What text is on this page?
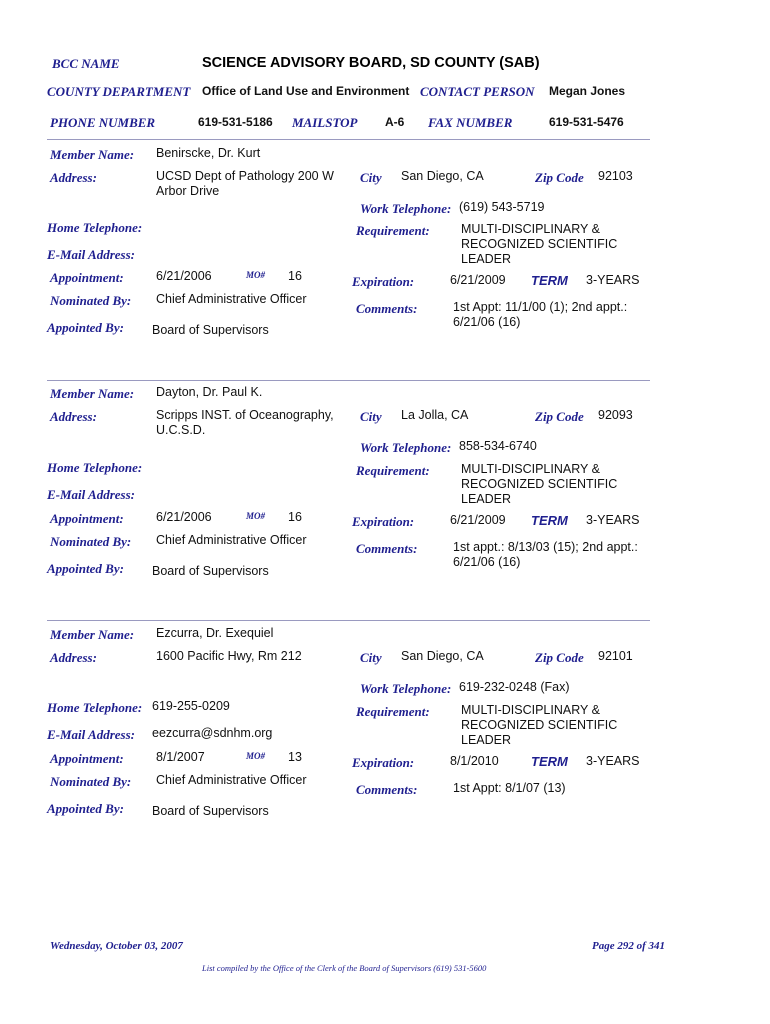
BCC NAME	SCIENCE ADVISORY BOARD, SD COUNTY (SAB)
COUNTY DEPARTMENT Office of Land Use and Environment CONTACT PERSON Megan Jones
PHONE NUMBER	619-531-5186 MAILSTOP A-6 FAX NUMBER	619-531-5476
Member Name: Benirscke, Dr. Kurt
Address:	UCSD Dept of Pathology 200 W Arbor Drive
City San Diego, CA	Zip Code 92103
Work Telephone: (619) 543-5719
Home Telephone:	Requirement:	MULTI-DISCIPLINARY & RECOGNIZED SCIENTIFIC LEADER
E-Mail Address:
Appointment:	6/21/2006	MO# 16	Expiration:	6/21/2009 TERM 3-YEARS
Nominated By: Chief Administrative Officer
Comments:	1st Appt: 11/1/00 (1); 2nd appt.: 6/21/06 (16)
Appointed By: Board of Supervisors
Member Name: Dayton, Dr. Paul K.
Address:	Scripps INST. of Oceanography, U.C.S.D.
City La Jolla, CA	Zip Code 92093
Work Telephone: 858-534-6740
Home Telephone:	Requirement:	MULTI-DISCIPLINARY & RECOGNIZED SCIENTIFIC LEADER
E-Mail Address:
Appointment:	6/21/2006	MO# 16	Expiration:	6/21/2009 TERM 3-YEARS
Nominated By: Chief Administrative Officer
Comments:	1st appt.: 8/13/03 (15); 2nd appt.: 6/21/06 (16)
Appointed By: Board of Supervisors
Member Name: Ezcurra, Dr. Exequiel
Address:	1600 Pacific Hwy, Rm 212	City San Diego, CA	Zip Code 92101
Work Telephone: 619-232-0248 (Fax)
Home Telephone: 619-255-0209	Requirement:	MULTI-DISCIPLINARY & RECOGNIZED SCIENTIFIC LEADER
E-Mail Address: eezcurra@sdnhm.org
Appointment:	8/1/2007	MO# 13	Expiration:	8/1/2010 TERM 3-YEARS
Nominated By: Chief Administrative Officer
Comments:	1st Appt: 8/1/07 (13)
Appointed By: Board of Supervisors
Wednesday, October 03, 2007	Page 292 of 341
List compiled by the Office of the Clerk of the Board of Supervisors (619) 531-5600
